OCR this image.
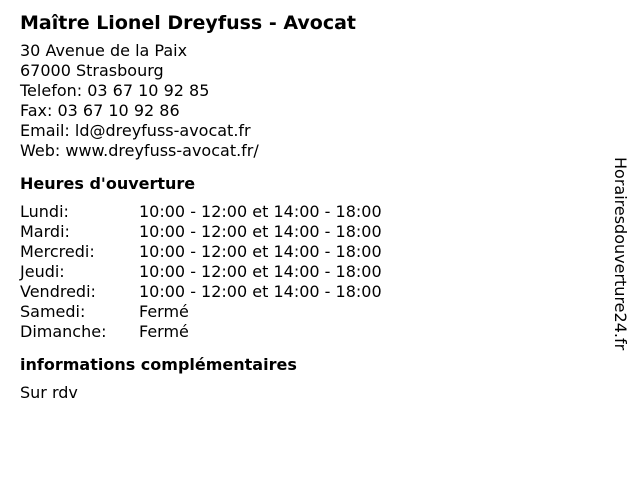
Maître Lionel Dreyfuss - Avocat
30 Avenue de la Paix
67000 Strasbourg
Telefon: 03 67 10 92 85
Fax: 03 67 10 92 86
Email: ld@dreyfuss-avocat.fr
Web: www.dreyfuss-avocat.fr/
Heures d'ouverture
Lundi:	10:00 - 12:00 et 14:00 - 18:00
Mardi:	10:00 - 12:00 et 14:00 - 18:00
Mercredi:	10:00 - 12:00 et 14:00 - 18:00
Jeudi:	10:00 - 12:00 et 14:00 - 18:00
Vendredi:	10:00 - 12:00 et 14:00 - 18:00
Samedi:	Fermé
Dimanche:	Fermé
informations complémentaires
Sur rdv
Horairesdouverture24.fr
